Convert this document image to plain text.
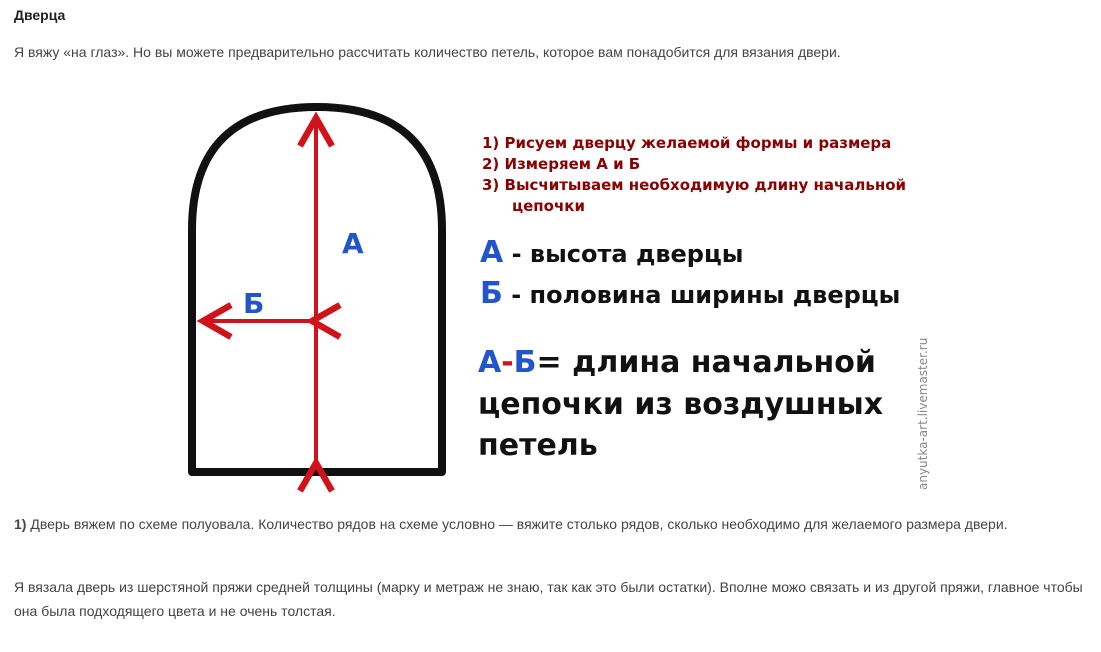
Дверца
Я вяжу «на глаз». Но вы можете предварительно рассчитать количество петель, которое вам понадобится для вязания двери.
А
Б
1) Рисуем дверцу желаемой формы и размера
2) Измеряем А и Б
3) Высчитываем необходимую длину начальной
цепочки
А - высота дверцы
Б - половина ширины дверцы
А-Б= длина начальной
цепочки из воздушных
петель	anyutka-art.livemaster.ru
1) Дверь вяжем по схеме полуовала. Количество рядов на схеме условно — вяжите столько рядов, сколько необходимо для желаемого размера двери.
Я вязала дверь из шерстяной пряжи средней толщины (марку и метраж не знаю, так как это были остатки). Вполне можо связать и из другой пряжи, главное чтобы она была подходящего цвета и не очень толстая.
